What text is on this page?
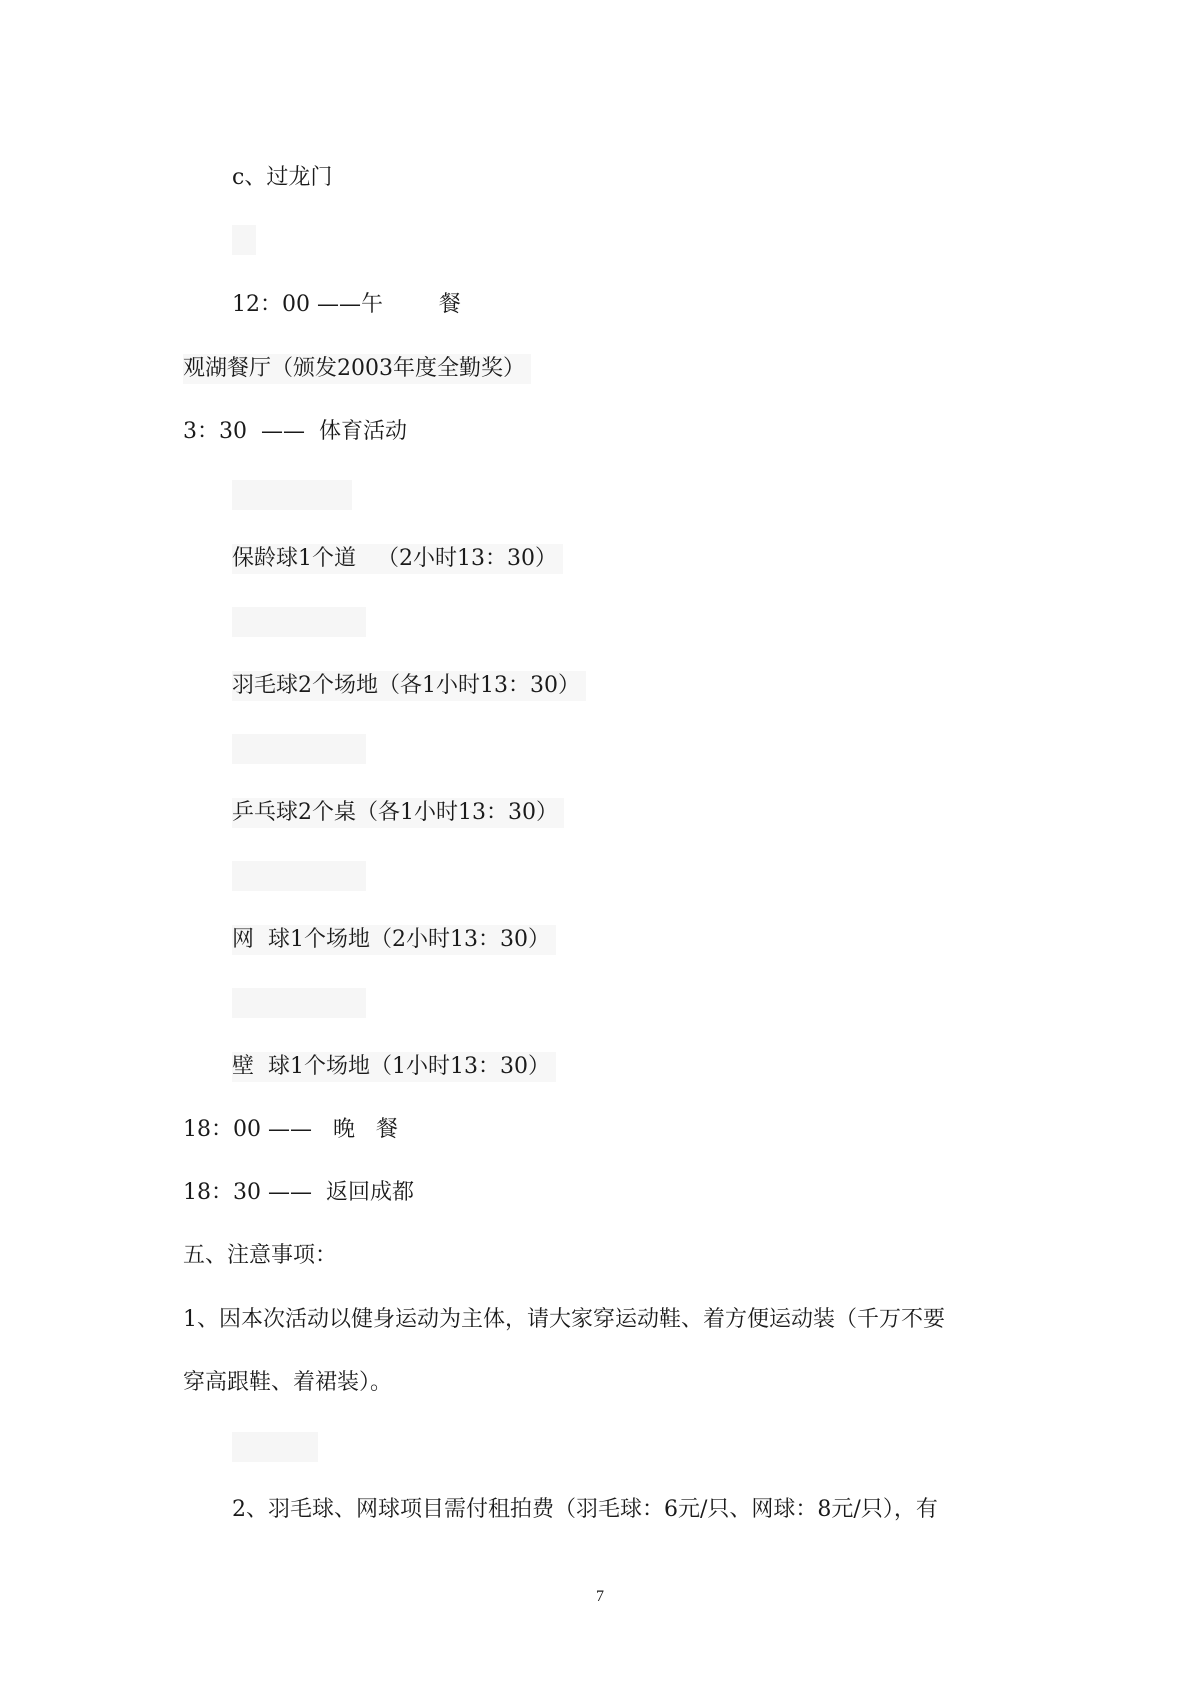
c、过龙门
12：00 ——午        餐
观湖餐厅（颁发2003年度全勤奖）
3：30  ——  体育活动
保龄球1个道   （2小时13：30）
羽毛球2个场地（各1小时13：30）
乒乓球2个桌（各1小时13：30）
网  球1个场地（2小时13：30）
壁  球1个场地（1小时13：30）
18：00 ——   晚   餐
18：30 ——  返回成都
五、注意事项：
1、因本次活动以健身运动为主体，请大家穿运动鞋、着方便运动装（千万不要
穿高跟鞋、着裙装）。
2、羽毛球、网球项目需付租拍费（羽毛球：6元/只、网球：8元/只），有
7
